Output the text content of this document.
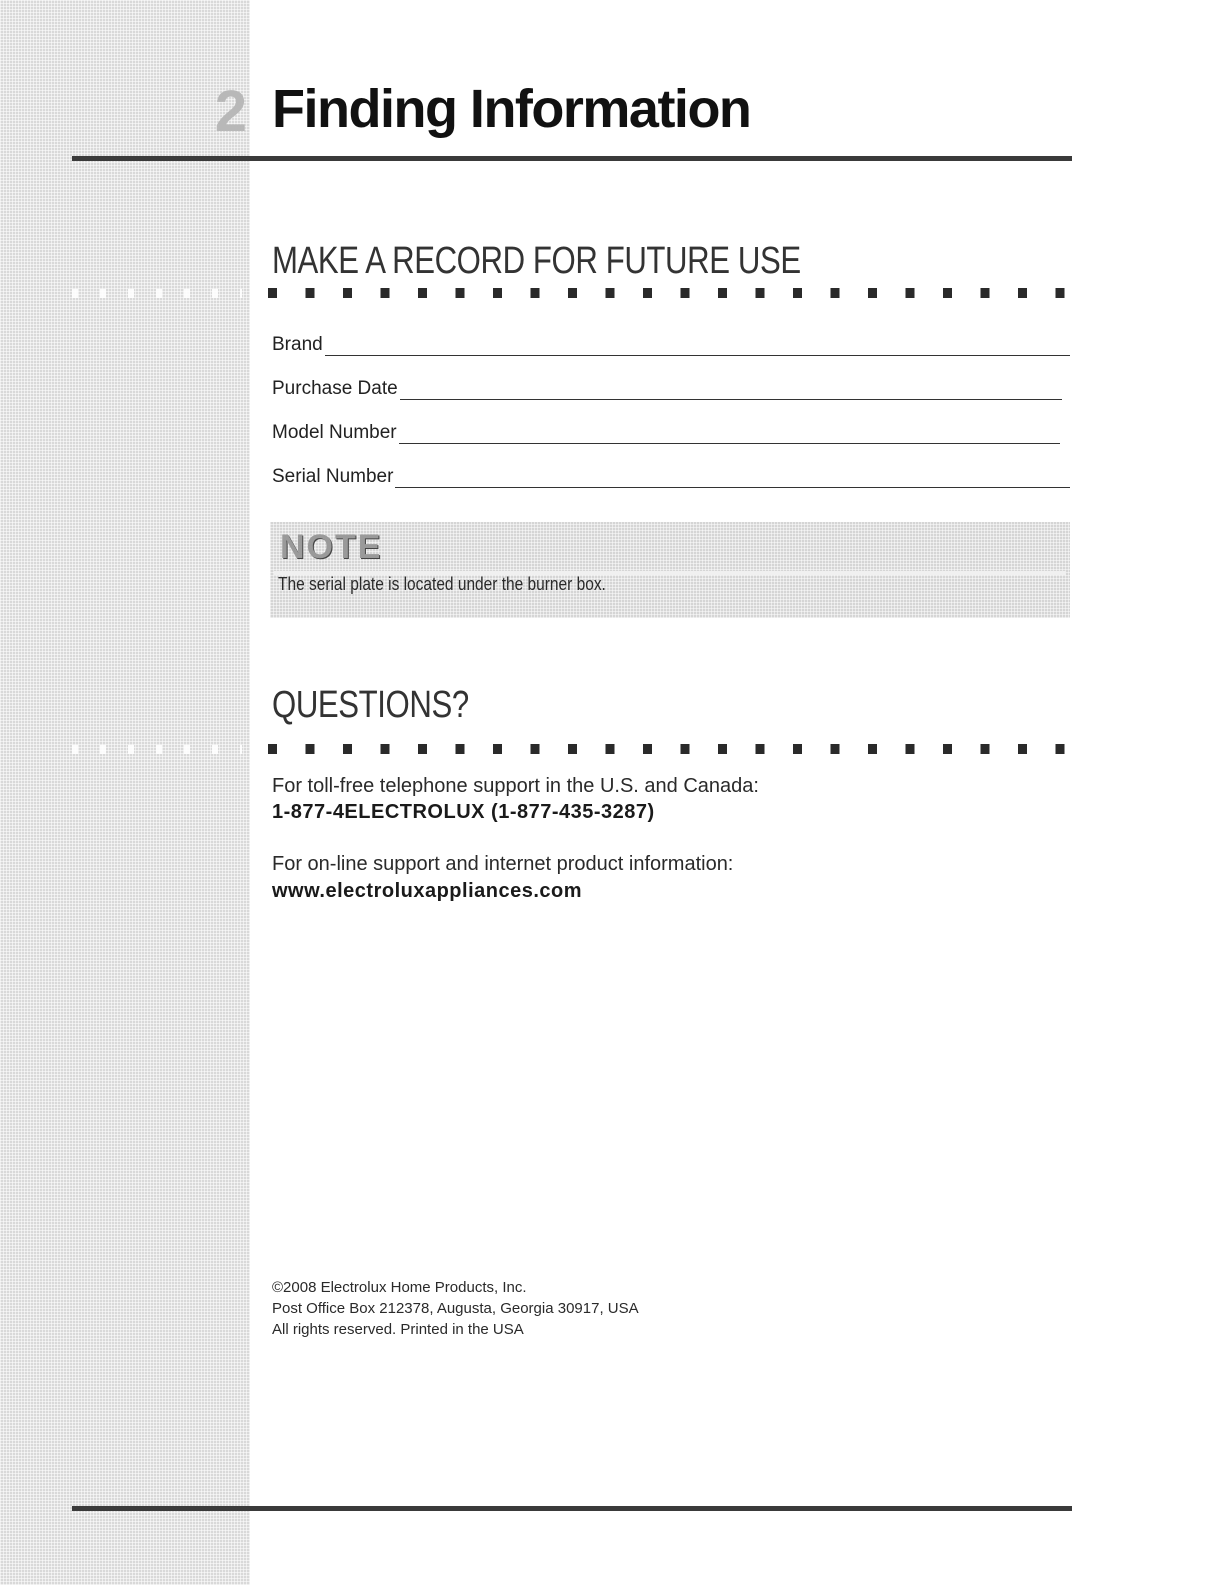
2 Finding Information
MAKE A RECORD FOR FUTURE USE
Brand
Purchase Date
Model Number
Serial Number
NOTE
The serial plate is located under the burner box.
QUESTIONS?

For toll-free telephone support in the U.S. and Canada:

1-877-4ELECTROLUX (1-877-435-3287)

For on-line support and internet product information:

www.electroluxappliances.com

©2008 Electrolux Home Products, Inc.

Post Office Box 212378, Augusta, Georgia 30917, USA

All rights reserved. Printed in the USA
